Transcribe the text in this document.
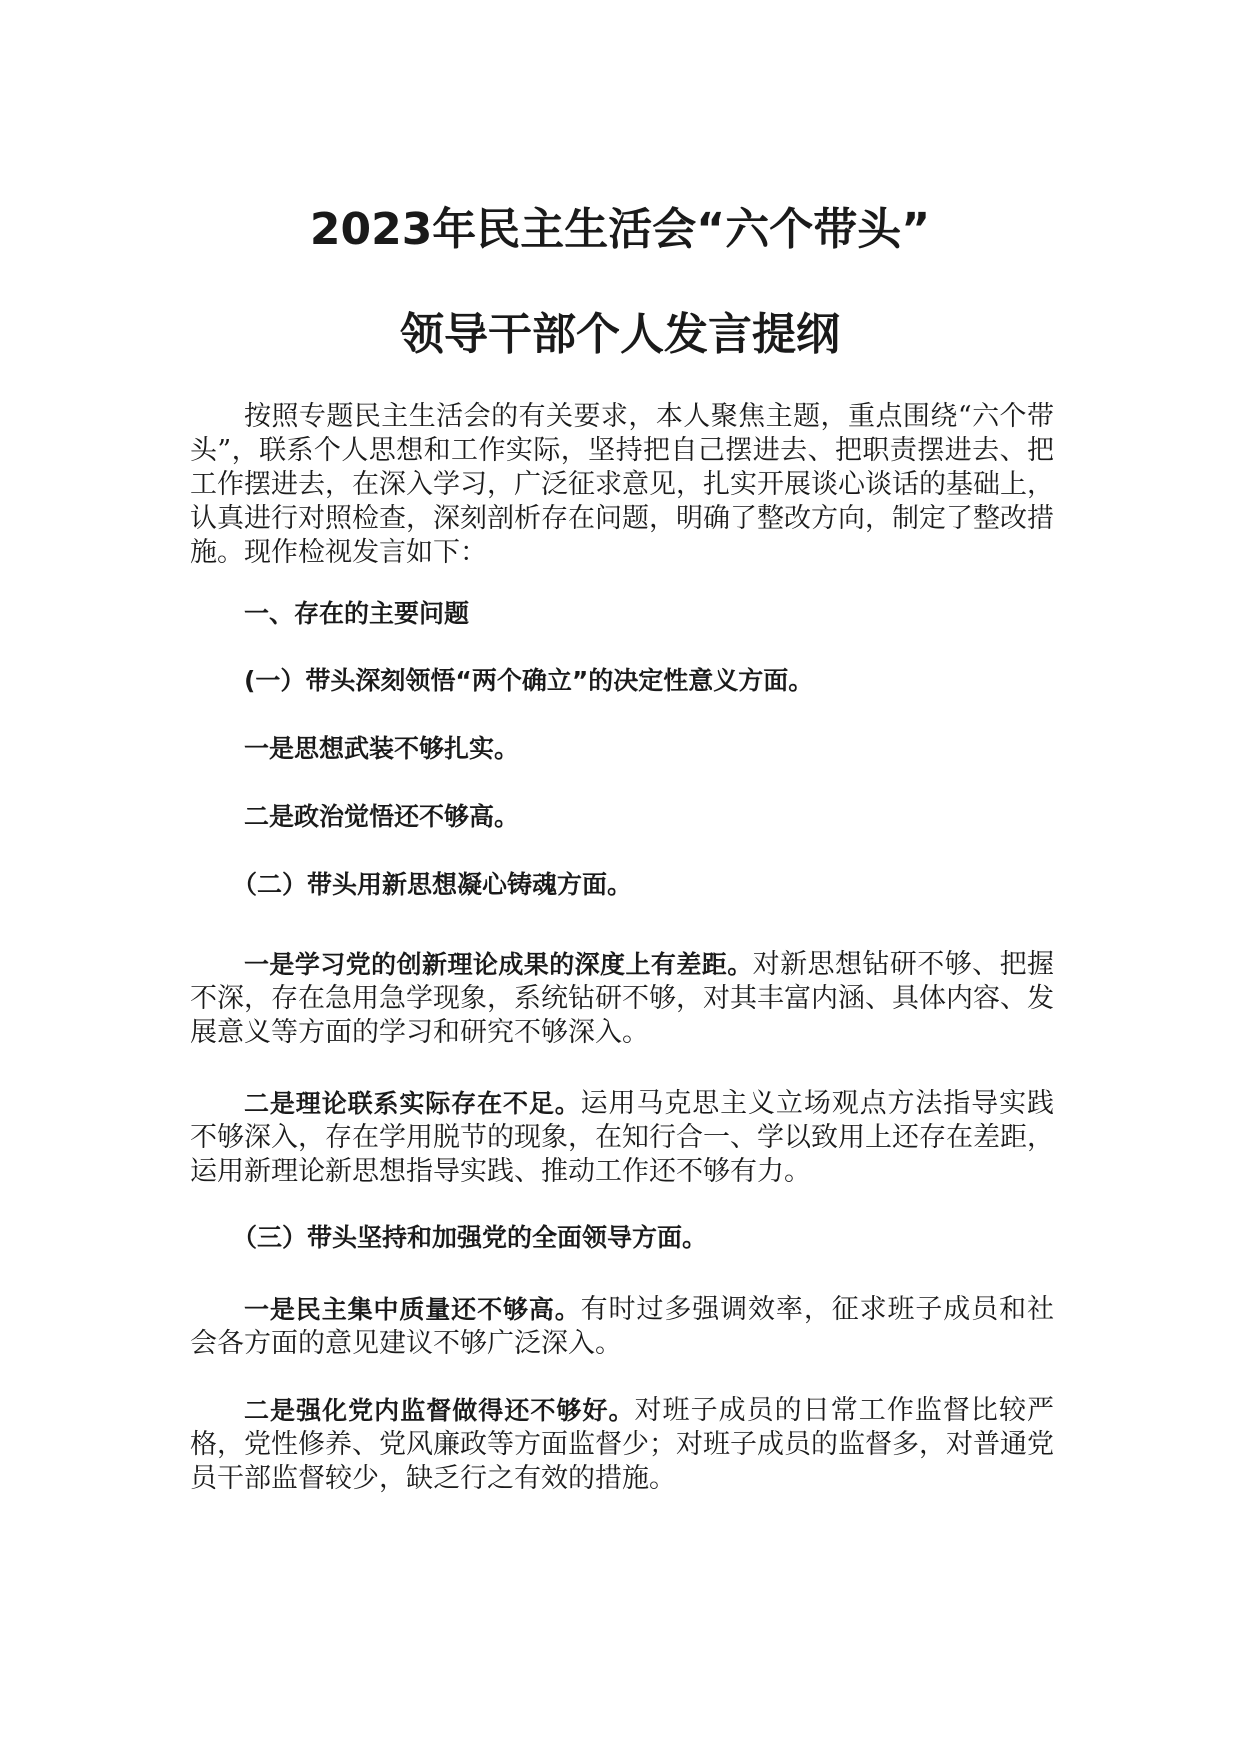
2023年民主生活会“六个带头”
领导干部个人发言提纲

按照专题民主生活会的有关要求，本人聚焦主题，重点围绕“六个带头”，联系个人思想和工作实际，坚持把自己摆进去、把职责摆进去、把工作摆进去，在深入学习，广泛征求意见，扎实开展谈心谈话的基础上，认真进行对照检查，深刻剖析存在问题，明确了整改方向，制定了整改措施。现作检视发言如下：

一、存在的主要问题

(一）带头深刻领悟“两个确立”的决定性意义方面。

一是思想武装不够扎实。

二是政治觉悟还不够高。

（二）带头用新思想凝心铸魂方面。

一是学习党的创新理论成果的深度上有差距。对新思想钻研不够、把握不深，存在急用急学现象，系统钻研不够，对其丰富内涵、具体内容、发展意义等方面的学习和研究不够深入。

二是理论联系实际存在不足。运用马克思主义立场观点方法指导实践不够深入，存在学用脱节的现象，在知行合一、学以致用上还存在差距，运用新理论新思想指导实践、推动工作还不够有力。

（三）带头坚持和加强党的全面领导方面。

一是民主集中质量还不够高。有时过多强调效率，征求班子成员和社会各方面的意见建议不够广泛深入。

二是强化党内监督做得还不够好。对班子成员的日常工作监督比较严格，党性修养、党风廉政等方面监督少；对班子成员的监督多，对普通党员干部监督较少，缺乏行之有效的措施。
